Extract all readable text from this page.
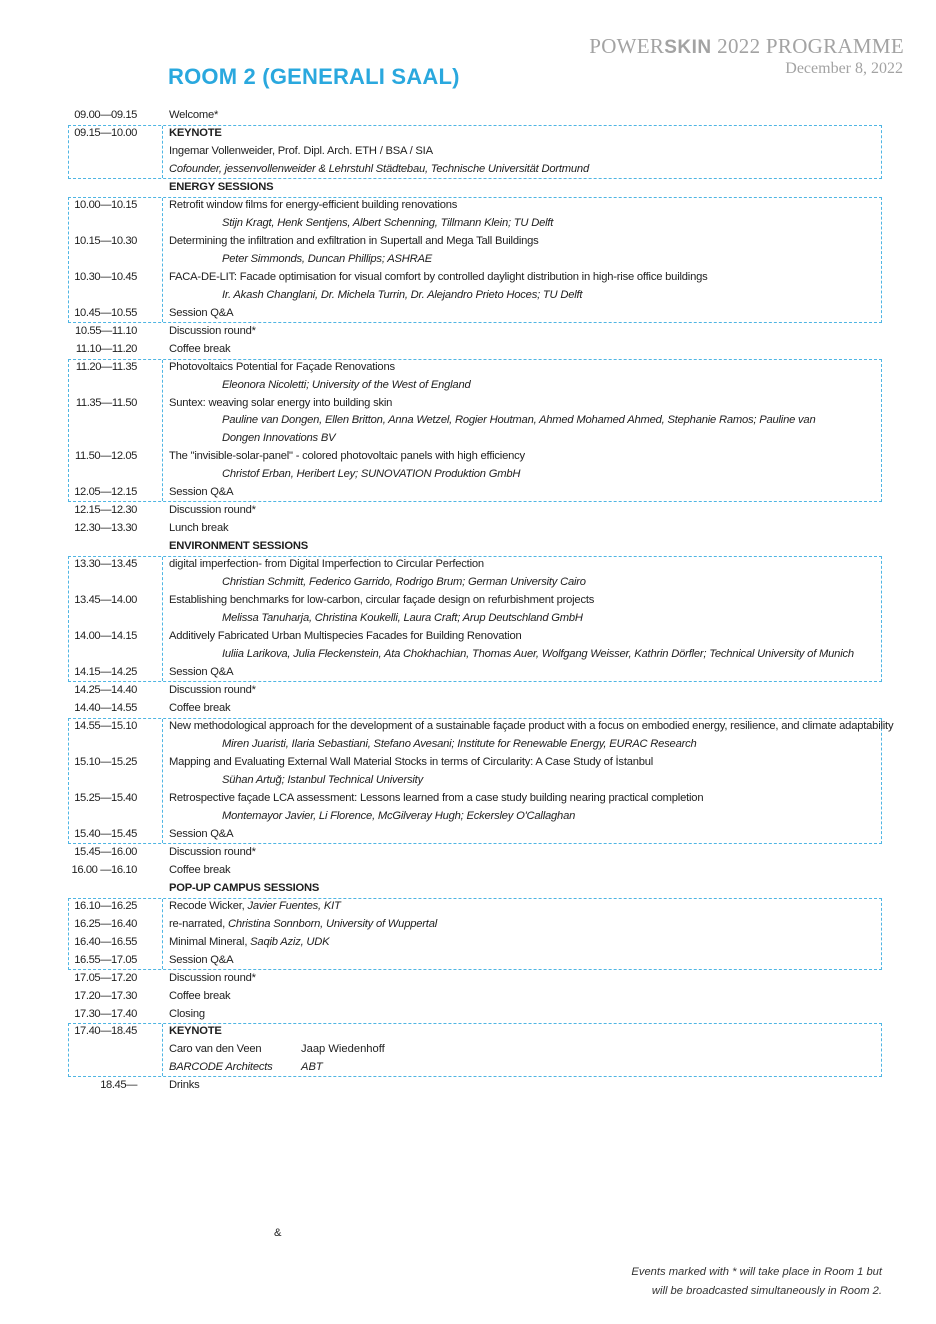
POWERSKIN 2022 PROGRAMME
December 8, 2022
ROOM 2 (GENERALI SAAL)
09.00—09.15	Welcome*
09.15—10.00	KEYNOTE
Ingemar Vollenweider, Prof. Dipl. Arch. ETH / BSA / SIA
Cofounder, jessenvollenweider & Lehrstuhl Städtebau, Technische Universität Dortmund
ENERGY SESSIONS
10.00—10.15	Retrofit window films for energy-efficient building renovations
Stijn Kragt, Henk Sentjens, Albert Schenning, Tillmann Klein; TU Delft
10.15—10.30	Determining the infiltration and exfiltration in Supertall and Mega Tall Buildings
Peter Simmonds, Duncan Phillips; ASHRAE
10.30—10.45	FACA-DE-LIT: Facade optimisation for visual comfort by controlled daylight distribution in high-rise office buildings
Ir. Akash Changlani, Dr. Michela Turrin, Dr. Alejandro Prieto Hoces; TU Delft
10.45—10.55	Session Q&A
10.55—11.10	Discussion round*
11.10—11.20	Coffee break
11.20—11.35	Photovoltaics Potential for Façade Renovations
Eleonora Nicoletti; University of the West of England
11.35—11.50	Suntex: weaving solar energy into building skin
Pauline van Dongen, Ellen Britton, Anna Wetzel, Rogier Houtman, Ahmed Mohamed Ahmed, Stephanie Ramos; Pauline van
Dongen Innovations BV
11.50—12.05	The "invisible-solar-panel" - colored photovoltaic panels with high efficiency
Christof Erban, Heribert Ley; SUNOVATION Produktion GmbH
12.05—12.15	Session Q&A
12.15—12.30	Discussion round*
12.30—13.30	Lunch break
ENVIRONMENT SESSIONS
13.30—13.45	digital imperfection- from Digital Imperfection to Circular Perfection
Christian Schmitt, Federico Garrido, Rodrigo Brum; German University Cairo
13.45—14.00	Establishing benchmarks for low-carbon, circular façade design on refurbishment projects
Melissa Tanuharja, Christina Koukelli, Laura Craft; Arup Deutschland GmbH
14.00—14.15	Additively Fabricated Urban Multispecies Facades for Building Renovation
Iuliia Larikova, Julia Fleckenstein, Ata Chokhachian, Thomas Auer, Wolfgang Weisser, Kathrin Dörfler; Technical University of Munich
14.15—14.25	Session Q&A
14.25—14.40	Discussion round*
14.40—14.55	Coffee break
14.55—15.10	New methodological approach for the development of a sustainable façade product with a focus on embodied energy, resilience, and climate adaptability
Miren Juaristi, Ilaria Sebastiani, Stefano Avesani; Institute for Renewable Energy, EURAC Research
15.10—15.25	Mapping and Evaluating External Wall Material Stocks in terms of Circularity: A Case Study of İstanbul
Sühan Artuğ; Istanbul Technical University
15.25—15.40	Retrospective façade LCA assessment: Lessons learned from a case study building nearing practical completion
Montemayor Javier, Li Florence, McGilveray Hugh; Eckersley O'Callaghan
15.40—15.45	Session Q&A
15.45—16.00	Discussion round*
16.00 —16.10	Coffee break
POP-UP CAMPUS SESSIONS
16.10—16.25	Recode Wicker, Javier Fuentes, KIT
16.25—16.40	re-narrated, Christina Sonnborn, University of Wuppertal
16.40—16.55	Minimal Mineral, Saqib Aziz, UDK
16.55—17.05	Session Q&A
17.05—17.20	Discussion round*
17.20—17.30	Coffee break
17.30—17.40	Closing
17.40—18.45	KEYNOTE
Caro van den Veen	Jaap Wiedenhoff
BARCODE Architects	ABT
18.45—	Drinks
&
Events marked with * will take place in Room 1 but
will be broadcasted simultaneously in Room 2.
